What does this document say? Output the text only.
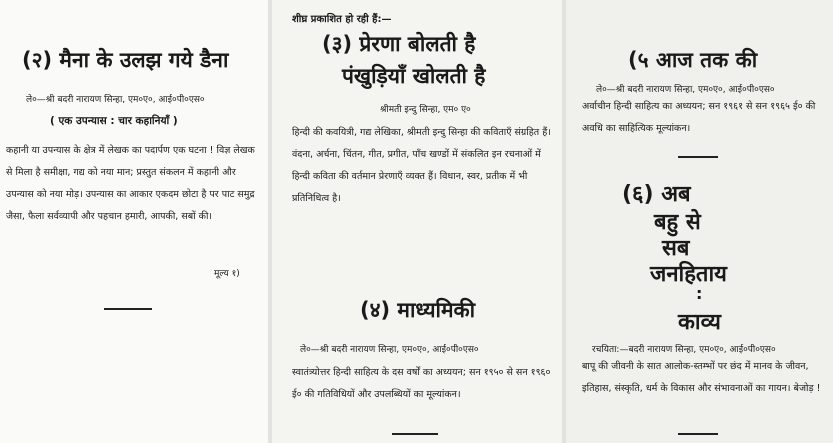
(२) मैना के उलझ गये डैना
ले०—श्री बदरी नारायण सिन्हा, एम०ए०, आई०पी०एस०
( एक उपन्यास : चार कहानियाँ )
कहानी या उपन्यास के क्षेत्र में लेखक का पदार्पण एक घटना ! विज्ञ लेखक से मिला है समीक्षा, गद्य को नया मान; प्रस्तुत संकलन में कहानी और उपन्यास को नया मोड़। उपन्यास का आकार एकदम छोटा है पर पाट समुद्र जैसा, फैला सर्वव्यापी और पहचान हमारी, आपकी, सबों की।
मूल्य १)
शीघ्र प्रकाशित हो रही हैं:—
(३) प्रेरणा बोलती है
पंखुड़ियाँ खोलती है
श्रीमती इन्दु सिन्हा, एम० ए०
हिन्दी की कवयित्री, गद्य लेखिका, श्रीमती इन्दु सिन्हा की कविताएँ संग्रहित हैं। वंदना, अर्चना, चिंतन, गीत, प्रगीत, पाँच खण्डों में संकलित इन रचनाओं में हिन्दी कविता की वर्तमान प्रेरणाएँ व्यक्त हैं। विधान, स्वर, प्रतीक में भी प्रतिनिधित्व है।
(४) माध्यमिकी
ले०—श्री बदरी नारायण सिन्हा, एम०ए०, आई०पी०एस०
स्वातंत्र्योत्तर हिन्दी साहित्य के दस वर्षों का अध्ययन; सन १९५० से सन १९६० ई० की गतिविधियों और उपलब्धियों का मूल्यांकन।
(५ आज तक की
ले०—श्री बदरी नारायण सिन्हा, एम०ए०, आई०पी०एस०
अर्वाचीन हिन्दी साहित्य का अध्ययन; सन १९६१ से सन १९६५ ई० की अवधि का साहित्यिक मूल्यांकन।
(६) अब
बहु से
सब
जनहिताय
:
काव्य
रचयिता:—बदरी नारायण सिन्हा, एम०ए०, आई०पी०एस०
बापू की जीवनी के सात आलोक-स्तम्भों पर छंद में मानव के जीवन, इतिहास, संस्कृति, धर्म के विकास और संभावनाओं का गायन। बेजोड़ !
